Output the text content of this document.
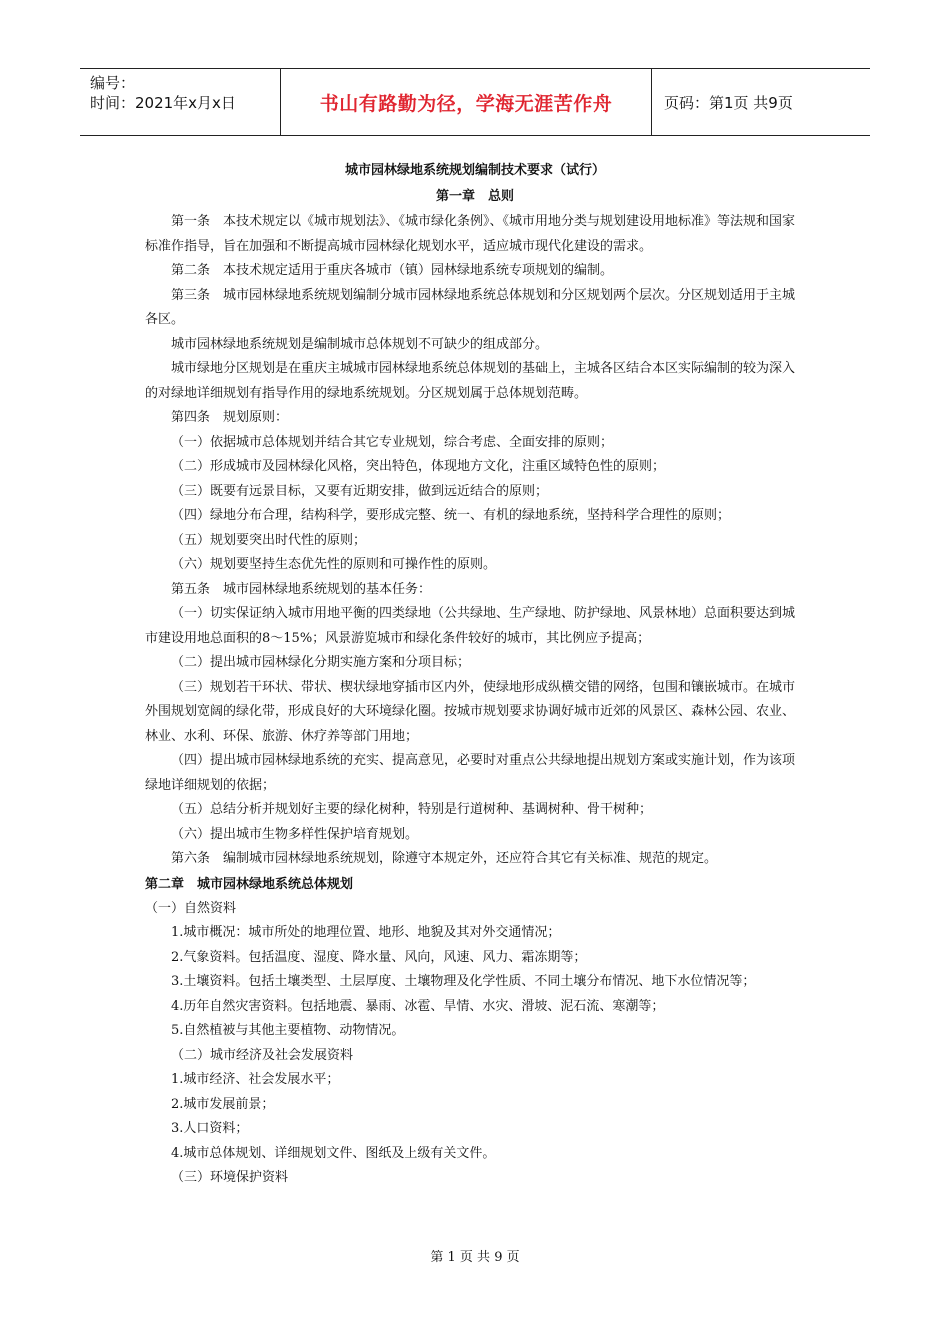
编号：
时间：2021年x月x日	书山有路勤为径，学海无涯苦作舟	页码：第1页 共9页
城市园林绿地系统规划编制技术要求（试行）
第一章　总则

第一条　本技术规定以《城市规划法》、《城市绿化条例》、《城市用地分类与规划建设用地标准》等法规和国家标准作指导，旨在加强和不断提高城市园林绿化规划水平，适应城市现代化建设的需求。

第二条　本技术规定适用于重庆各城市（镇）园林绿地系统专项规划的编制。

第三条　城市园林绿地系统规划编制分城市园林绿地系统总体规划和分区规划两个层次。分区规划适用于主城各区。

城市园林绿地系统规划是编制城市总体规划不可缺少的组成部分。

城市绿地分区规划是在重庆主城城市园林绿地系统总体规划的基础上，主城各区结合本区实际编制的较为深入的对绿地详细规划有指导作用的绿地系统规划。分区规划属于总体规划范畴。

第四条　规划原则：

（一）依据城市总体规划并结合其它专业规划，综合考虑、全面安排的原则；

（二）形成城市及园林绿化风格，突出特色，体现地方文化，注重区域特色性的原则；

（三）既要有远景目标，又要有近期安排，做到远近结合的原则；

（四）绿地分布合理，结构科学，要形成完整、统一、有机的绿地系统，坚持科学合理性的原则；

（五）规划要突出时代性的原则；

（六）规划要坚持生态优先性的原则和可操作性的原则。

第五条　城市园林绿地系统规划的基本任务：

（一）切实保证纳入城市用地平衡的四类绿地（公共绿地、生产绿地、防护绿地、风景林地）总面积要达到城市建设用地总面积的8～15%；风景游览城市和绿化条件较好的城市，其比例应予提高；

（二）提出城市园林绿化分期实施方案和分项目标；

（三）规划若干环状、带状、楔状绿地穿插市区内外，使绿地形成纵横交错的网络，包围和镶嵌城市。在城市外围规划宽阔的绿化带，形成良好的大环境绿化圈。按城市规划要求协调好城市近郊的风景区、森林公园、农业、林业、水利、环保、旅游、休疗养等部门用地；

（四）提出城市园林绿地系统的充实、提高意见，必要时对重点公共绿地提出规划方案或实施计划，作为该项绿地详细规划的依据；

（五）总结分析并规划好主要的绿化树种，特别是行道树种、基调树种、骨干树种；

（六）提出城市生物多样性保护培育规划。

第六条　编制城市园林绿地系统规划，除遵守本规定外，还应符合其它有关标准、规范的规定。

第二章　城市园林绿地系统总体规划

（一）自然资料

1.城市概况：城市所处的地理位置、地形、地貌及其对外交通情况；

2.气象资料。包括温度、湿度、降水量、风向，风速、风力、霜冻期等；

3.土壤资料。包括土壤类型、土层厚度、土壤物理及化学性质、不同土壤分布情况、地下水位情况等；

4.历年自然灾害资料。包括地震、暴雨、冰雹、旱情、水灾、滑坡、泥石流、寒潮等；

5.自然植被与其他主要植物、动物情况。

（二）城市经济及社会发展资料

1.城市经济、社会发展水平；

2.城市发展前景；

3.人口资料；

4.城市总体规划、详细规划文件、图纸及上级有关文件。

（三）环境保护资料

第 1 页 共 9 页
